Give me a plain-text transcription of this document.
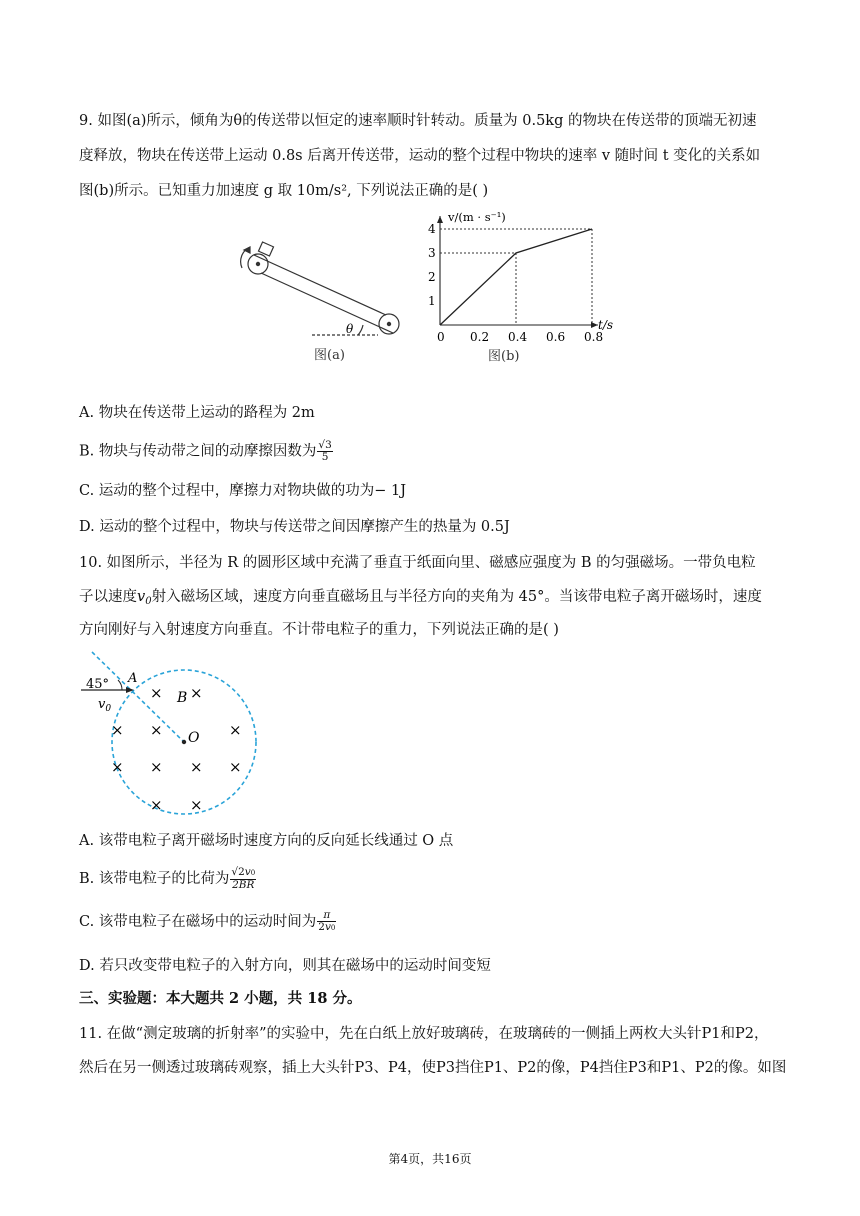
9. 如图(a)所示，倾角为θ的传送带以恒定的速率顺时针转动。质量为 0.5kg 的物块在传送带的顶端无初速
度释放，物块在传送带上运动 0.8s 后离开传送带，运动的整个过程中物块的速率 v 随时间 t 变化的关系如
图(b)所示。已知重力加速度 g 取 10m/s², 下列说法正确的是( )
θ
图(a)
v/(m · s⁻¹)
t/s
0 0.2 0.4 0.6 0.8
1
2
3
4
图(b)
A. 物块在传送带上运动的路程为 2m
B. 物块与传动带之间的动摩擦因数为 $\frac{√3}{5}$
C. 运动的整个过程中，摩擦力对物块做的功为− 1J
D. 运动的整个过程中，物块与传送带之间因摩擦产生的热量为 0.5J
10. 如图所示，半径为 R 的圆形区域中充满了垂直于纸面向里、磁感应强度为 B 的匀强磁场。一带负电粒
子以速度$v_0$射入磁场区域，速度方向垂直磁场且与半径方向的夹角为 45°。当该带电粒子离开磁场时，速度
方向刚好与入射速度方向垂直。不计带电粒子的重力，下列说法正确的是( )
45° A
B
O
$v_0$
× ×
× ×	×
× × × ×
× ×
A. 该带电粒子离开磁场时速度方向的反向延长线通过 O 点
B. 该带电粒子的比荷为 $\frac{√2v0}{2BR}$
C. 该带电粒子在磁场中的运动时间为 $\frac{\pi}{2v0}$
D. 若只改变带电粒子的入射方向，则其在磁场中的运动时间变短
三、实验题：本大题共 2 小题，共 18 分。
11. 在做“测定玻璃的折射率”的实验中，先在白纸上放好玻璃砖，在玻璃砖的一侧插上两枚大头针P1和P2，
然后在另一侧透过玻璃砖观察，插上大头针P3、P4，使P3挡住P1、P2的像，P4挡住P3和P1、P2的像。如图
第4页，共16页
